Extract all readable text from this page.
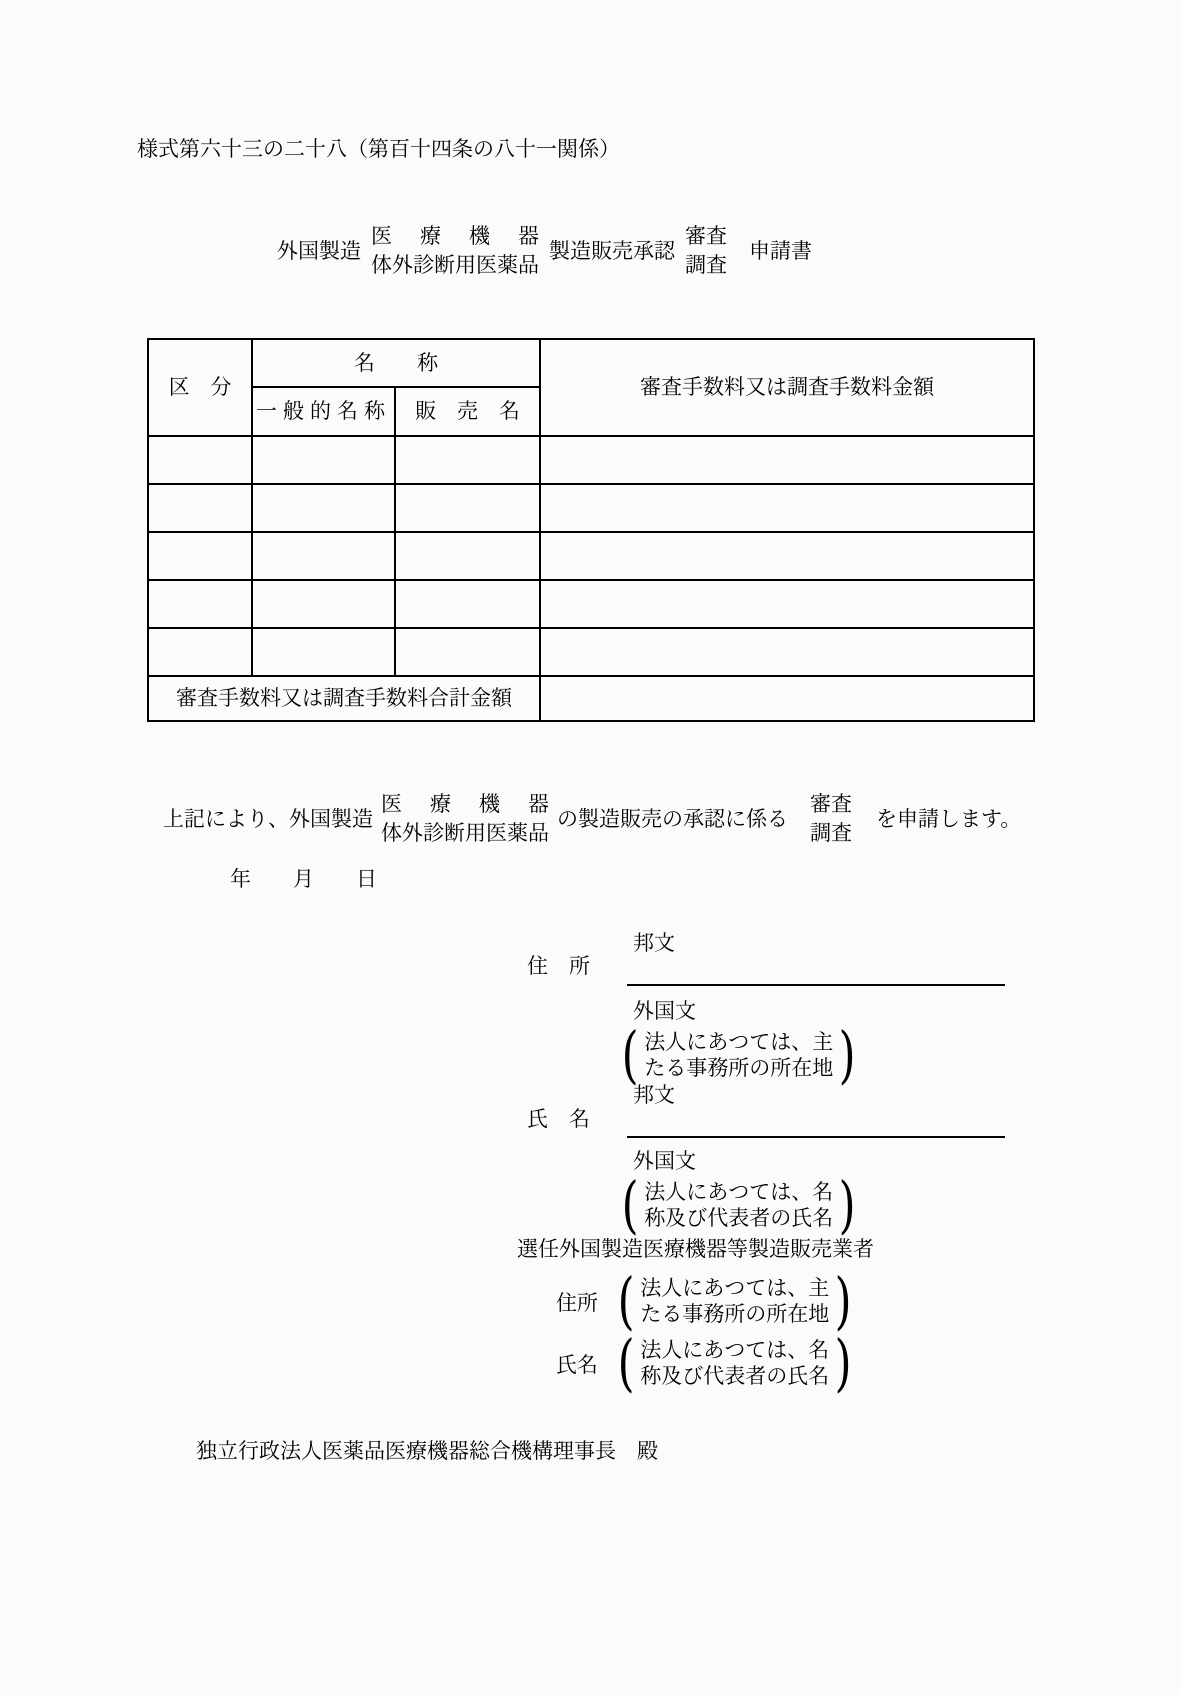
様式第六十三の二十八（第百十四条の八十一関係）
外国製造
医 療 機 器
体外診断用医薬品
製造販売承認
審査
調査
申請書
区　分	名　　称		審査手数料又は調査手数料金額
	一般的名称	販　売　名	

審査手数料又は調査手数料合計金額			
上記により、外国製造
医 療 機 器
体外診断用医薬品
の製造販売の承認に係る
審査
調査
を申請します。
年　　月　　日
邦文
住　所
外国文
( 法人にあつては、主
たる事務所の所在地 )
邦文
氏　名
外国文
( 法人にあつては、名
称及び代表者の氏名 )
選任外国製造医療機器等製造販売業者
住所 ( 法人にあつては、主
たる事務所の所在地 )
氏名 ( 法人にあつては、名
称及び代表者の氏名 )
独立行政法人医薬品医療機器総合機構理事長　殿
